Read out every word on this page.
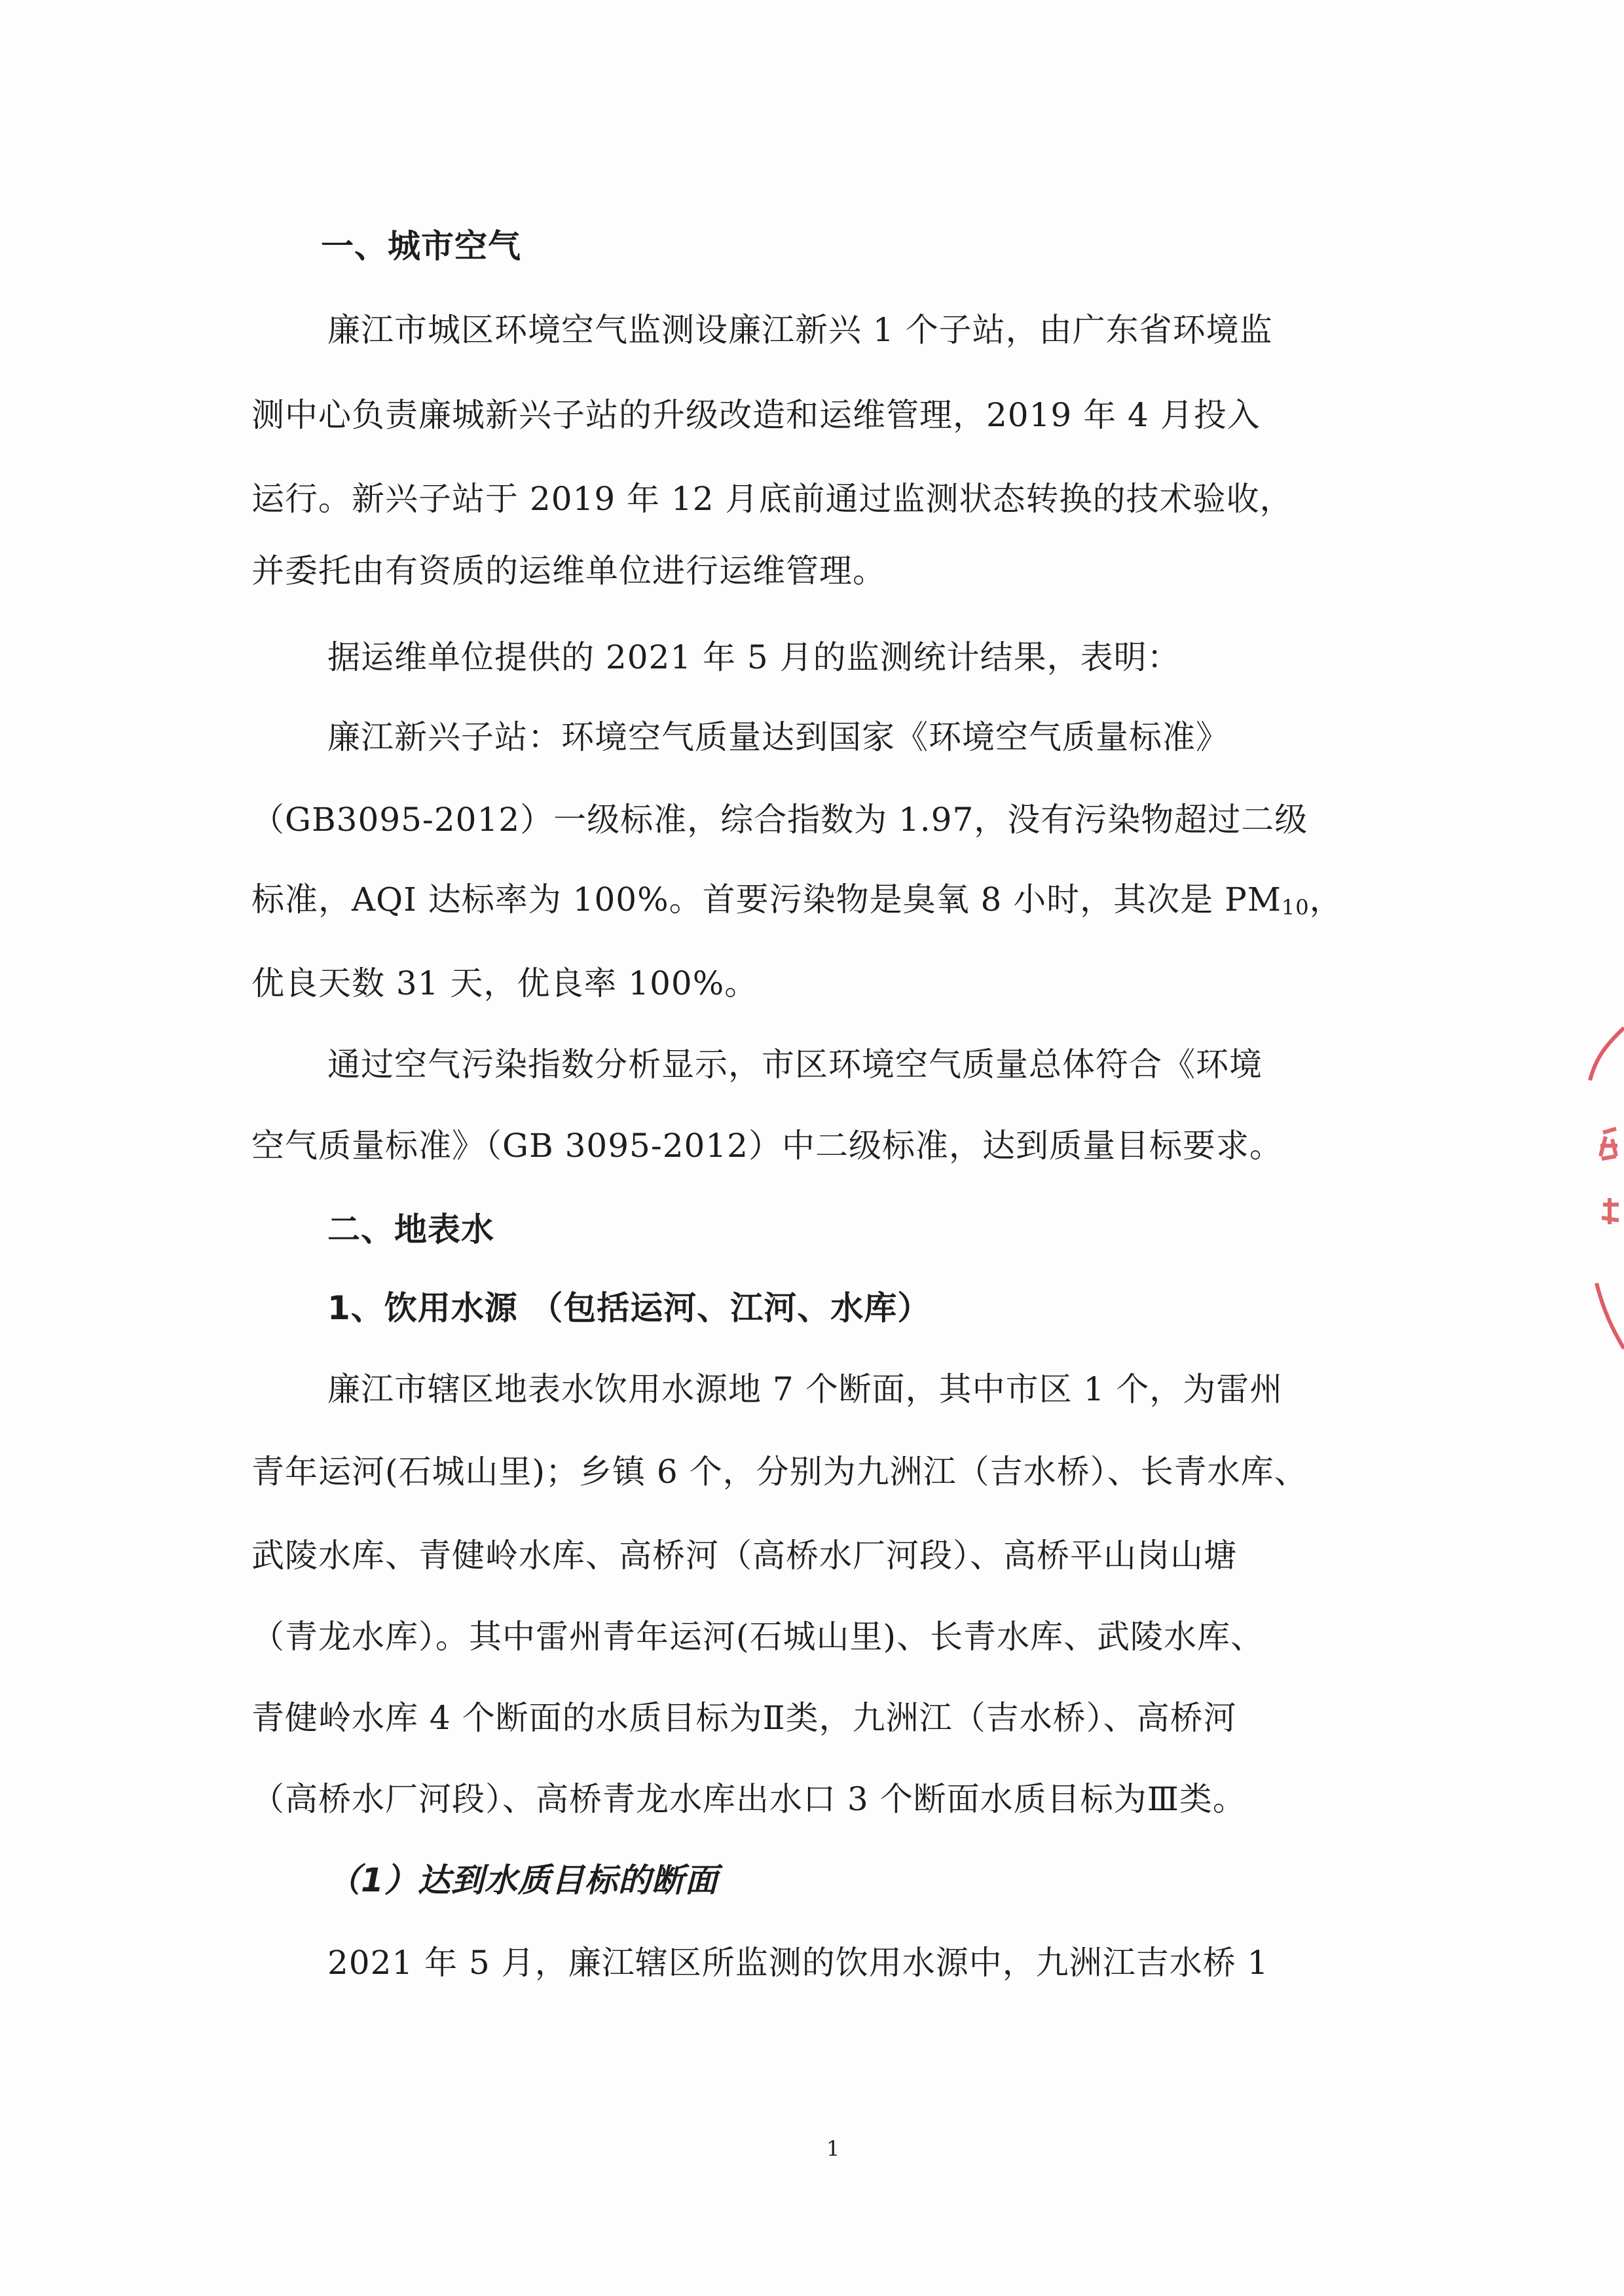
一、城市空气
廉江市城区环境空气监测设廉江新兴 1 个子站，由广东省环境监
测中心负责廉城新兴子站的升级改造和运维管理，2019 年 4 月投入
运行。新兴子站于 2019 年 12 月底前通过监测状态转换的技术验收，
并委托由有资质的运维单位进行运维管理。
据运维单位提供的 2021 年 5 月的监测统计结果，表明：
廉江新兴子站：环境空气质量达到国家《环境空气质量标准》
（GB3095-2012）一级标准，综合指数为 1.97，没有污染物超过二级
标准，AQI 达标率为 100%。首要污染物是臭氧 8 小时，其次是 PM10，
优良天数 31 天，优良率 100%。
通过空气污染指数分析显示，市区环境空气质量总体符合《环境
空气质量标准》（GB 3095-2012）中二级标准，达到质量目标要求。
二、地表水
1、饮用水源 （包括运河、江河、水库）
廉江市辖区地表水饮用水源地 7 个断面，其中市区 1 个，为雷州
青年运河(石城山里)；乡镇 6 个，分别为九洲江（吉水桥）、长青水库、
武陵水库、青健岭水库、高桥河（高桥水厂河段）、高桥平山岗山塘
（青龙水库）。其中雷州青年运河(石城山里)、长青水库、武陵水库、
青健岭水库 4 个断面的水质目标为Ⅱ类，九洲江（吉水桥）、高桥河
（高桥水厂河段）、高桥青龙水库出水口 3 个断面水质目标为Ⅲ类。
（1）达到水质目标的断面
2021 年 5 月，廉江辖区所监测的饮用水源中，九洲江吉水桥 1
1
